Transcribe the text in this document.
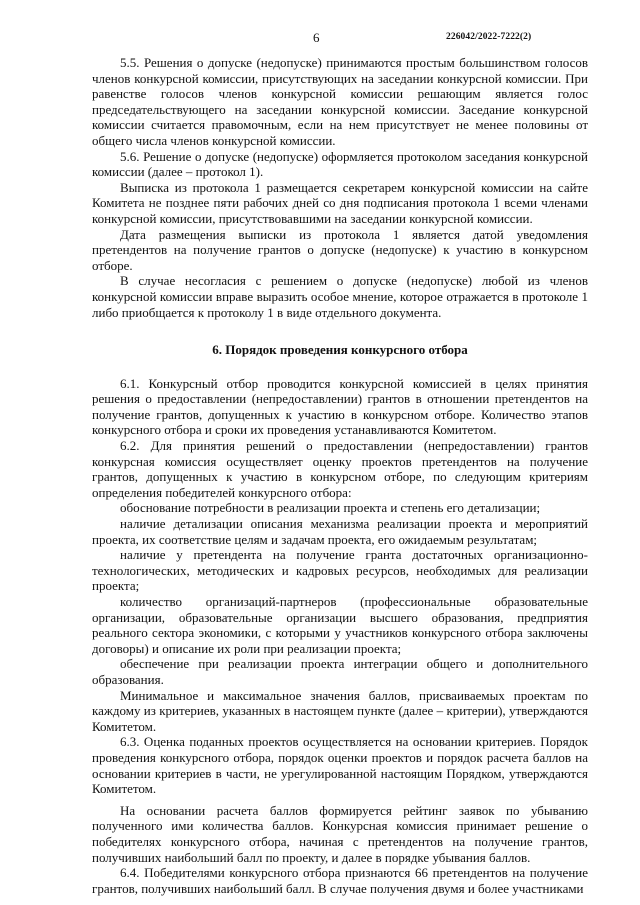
6	226042/2022-7222(2)

5.5. Решения о допуске (недопуске) принимаются простым большинством голосов членов конкурсной комиссии, присутствующих на заседании конкурсной комиссии. При равенстве голосов членов конкурсной комиссии решающим является голос председательствующего на заседании конкурсной комиссии. Заседание конкурсной комиссии считается правомочным, если на нем присутствует не менее половины от общего числа членов конкурсной комиссии.

5.6. Решение о допуске (недопуске) оформляется протоколом заседания конкурсной комиссии (далее – протокол 1).

Выписка из протокола 1 размещается секретарем конкурсной комиссии на сайте Комитета не позднее пяти рабочих дней со дня подписания протокола 1 всеми членами конкурсной комиссии, присутствовавшими на заседании конкурсной комиссии.

Дата размещения выписки из протокола 1 является датой уведомления претендентов на получение грантов о допуске (недопуске) к участию в конкурсном отборе.

В случае несогласия с решением о допуске (недопуске) любой из членов конкурсной комиссии вправе выразить особое мнение, которое отражается в протоколе 1 либо приобщается к протоколу 1 в виде отдельного документа.

6. Порядок проведения конкурсного отбора

6.1. Конкурсный отбор проводится конкурсной комиссией в целях принятия решения о предоставлении (непредоставлении) грантов в отношении претендентов на получение грантов, допущенных к участию в конкурсном отборе. Количество этапов конкурсного отбора и сроки их проведения устанавливаются Комитетом.

6.2. Для принятия решений о предоставлении (непредоставлении) грантов конкурсная комиссия осуществляет оценку проектов претендентов на получение грантов, допущенных к участию в конкурсном отборе, по следующим критериям определения победителей конкурсного отбора:

обоснование потребности в реализации проекта и степень его детализации;

наличие детализации описания механизма реализации проекта и мероприятий проекта, их соответствие целям и задачам проекта, его ожидаемым результатам;

наличие у претендента на получение гранта достаточных организационно-технологических, методических и кадровых ресурсов, необходимых для реализации проекта;

количество организаций-партнеров (профессиональные образовательные организации, образовательные организации высшего образования, предприятия реального сектора экономики, с которыми у участников конкурсного отбора заключены договоры) и описание их роли при реализации проекта;

обеспечение при реализации проекта интеграции общего и дополнительного образования.

Минимальное и максимальное значения баллов, присваиваемых проектам по каждому из критериев, указанных в настоящем пункте (далее – критерии), утверждаются Комитетом.

6.3. Оценка поданных проектов осуществляется на основании критериев. Порядок проведения конкурсного отбора, порядок оценки проектов и порядок расчета баллов на основании критериев в части, не урегулированной настоящим Порядком, утверждаются Комитетом.

На основании расчета баллов формируется рейтинг заявок по убыванию полученного ими количества баллов. Конкурсная комиссия принимает решение о победителях конкурсного отбора, начиная с претендентов на получение грантов, получивших наибольший балл по проекту, и далее в порядке убывания баллов.

6.4. Победителями конкурсного отбора признаются 66 претендентов на получение грантов, получивших наибольший балл. В случае получения двумя и более участниками
